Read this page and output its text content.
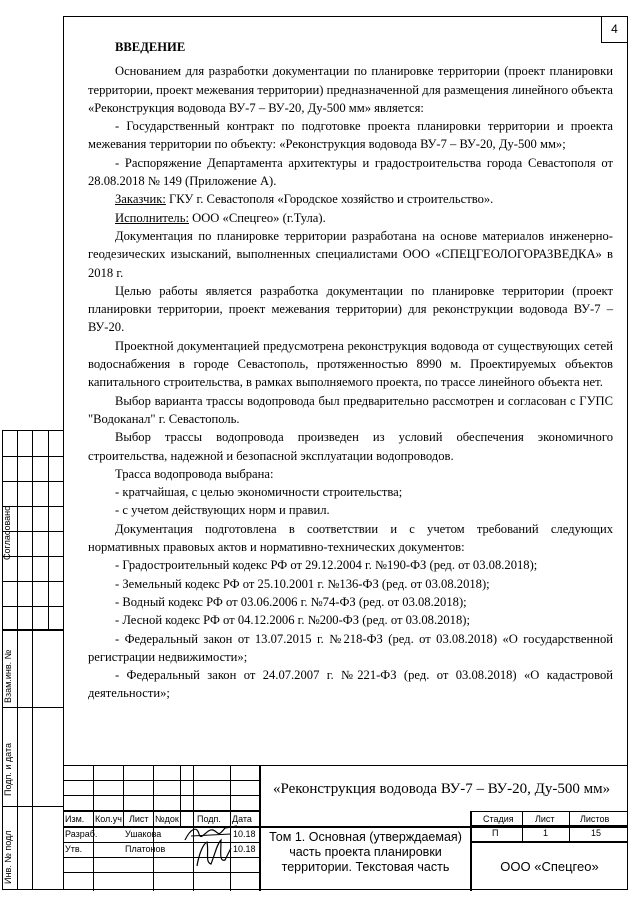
4
Согласовано
Взам.инв. №
Подп. и дата
Инв. № подл

ВВЕДЕНИЕ

Основанием для разработки документации по планировке территории (проект планировки территории, проект межевания территории) предназначенной для размещения линейного объекта «Реконструкция водовода ВУ-7 – ВУ-20, Ду-500 мм» является:

- Государственный контракт по подготовке проекта планировки территории и проекта межевания территории по объекту: «Реконструкция водовода ВУ-7 – ВУ-20, Ду-500 мм»;

- Распоряжение Департамента архитектуры и градостроительства города Севастополя от 28.08.2018 № 149 (Приложение А).

Заказчик: ГКУ г. Севастополя «Городское хозяйство и строительство».

Исполнитель: ООО «Спецгео» (г.Тула).

Документация по планировке территории разработана на основе материалов инженерно-геодезических изысканий, выполненных специалистами ООО «СПЕЦГЕОЛОГОРАЗВЕДКА» в 2018 г.

Целью работы является разработка документации по планировке территории (проект планировки территории, проект межевания территории) для реконструкции водовода ВУ-7 – ВУ-20.

Проектной документацией предусмотрена реконструкция водовода от существующих сетей водоснабжения в городе Севастополь, протяженностью 8990 м. Проектируемых объектов капитального строительства, в рамках выполняемого проекта, по трассе линейного объекта нет.

Выбор варианта трассы водопровода был предварительно рассмотрен и согласован с ГУПС "Водоканал" г. Севастополь.

Выбор трассы водопровода произведен из условий обеспечения экономичного строительства, надежной и безопасной эксплуатации водопроводов.

Трасса водопровода выбрана:

- кратчайшая, с целью экономичности строительства;

- с учетом действующих норм и правил.

Документация подготовлена в соответствии и с учетом требований следующих нормативных правовых актов и нормативно-технических документов:

- Градостроительный кодекс РФ от 29.12.2004 г. №190-ФЗ (ред. от 03.08.2018);

- Земельный кодекс РФ от 25.10.2001 г. №136-ФЗ (ред. от 03.08.2018);

- Водный кодекс РФ от 03.06.2006 г. №74-ФЗ (ред. от 03.08.2018);

- Лесной кодекс РФ от 04.12.2006 г. №200-ФЗ (ред. от 03.08.2018);

- Федеральный закон от 13.07.2015 г. №218-ФЗ (ред. от 03.08.2018) «О государственной регистрации недвижимости»;

- Федеральный закон от 24.07.2007 г. №221-ФЗ (ред. от 03.08.2018) «О кадастровой деятельности»;

«Реконструкция водовода ВУ-7 – ВУ-20, Ду-500 мм»
Изм. Кол.уч Лист №док Подп. Дата
Разраб.	Ушакова	10.18
Утв.	Платонов	10.18
Том 1. Основная (утверждаемая) часть проекта планировки территории. Текстовая часть
Стадия Лист	Листов
П	1	15
ООО «Спецгео»
